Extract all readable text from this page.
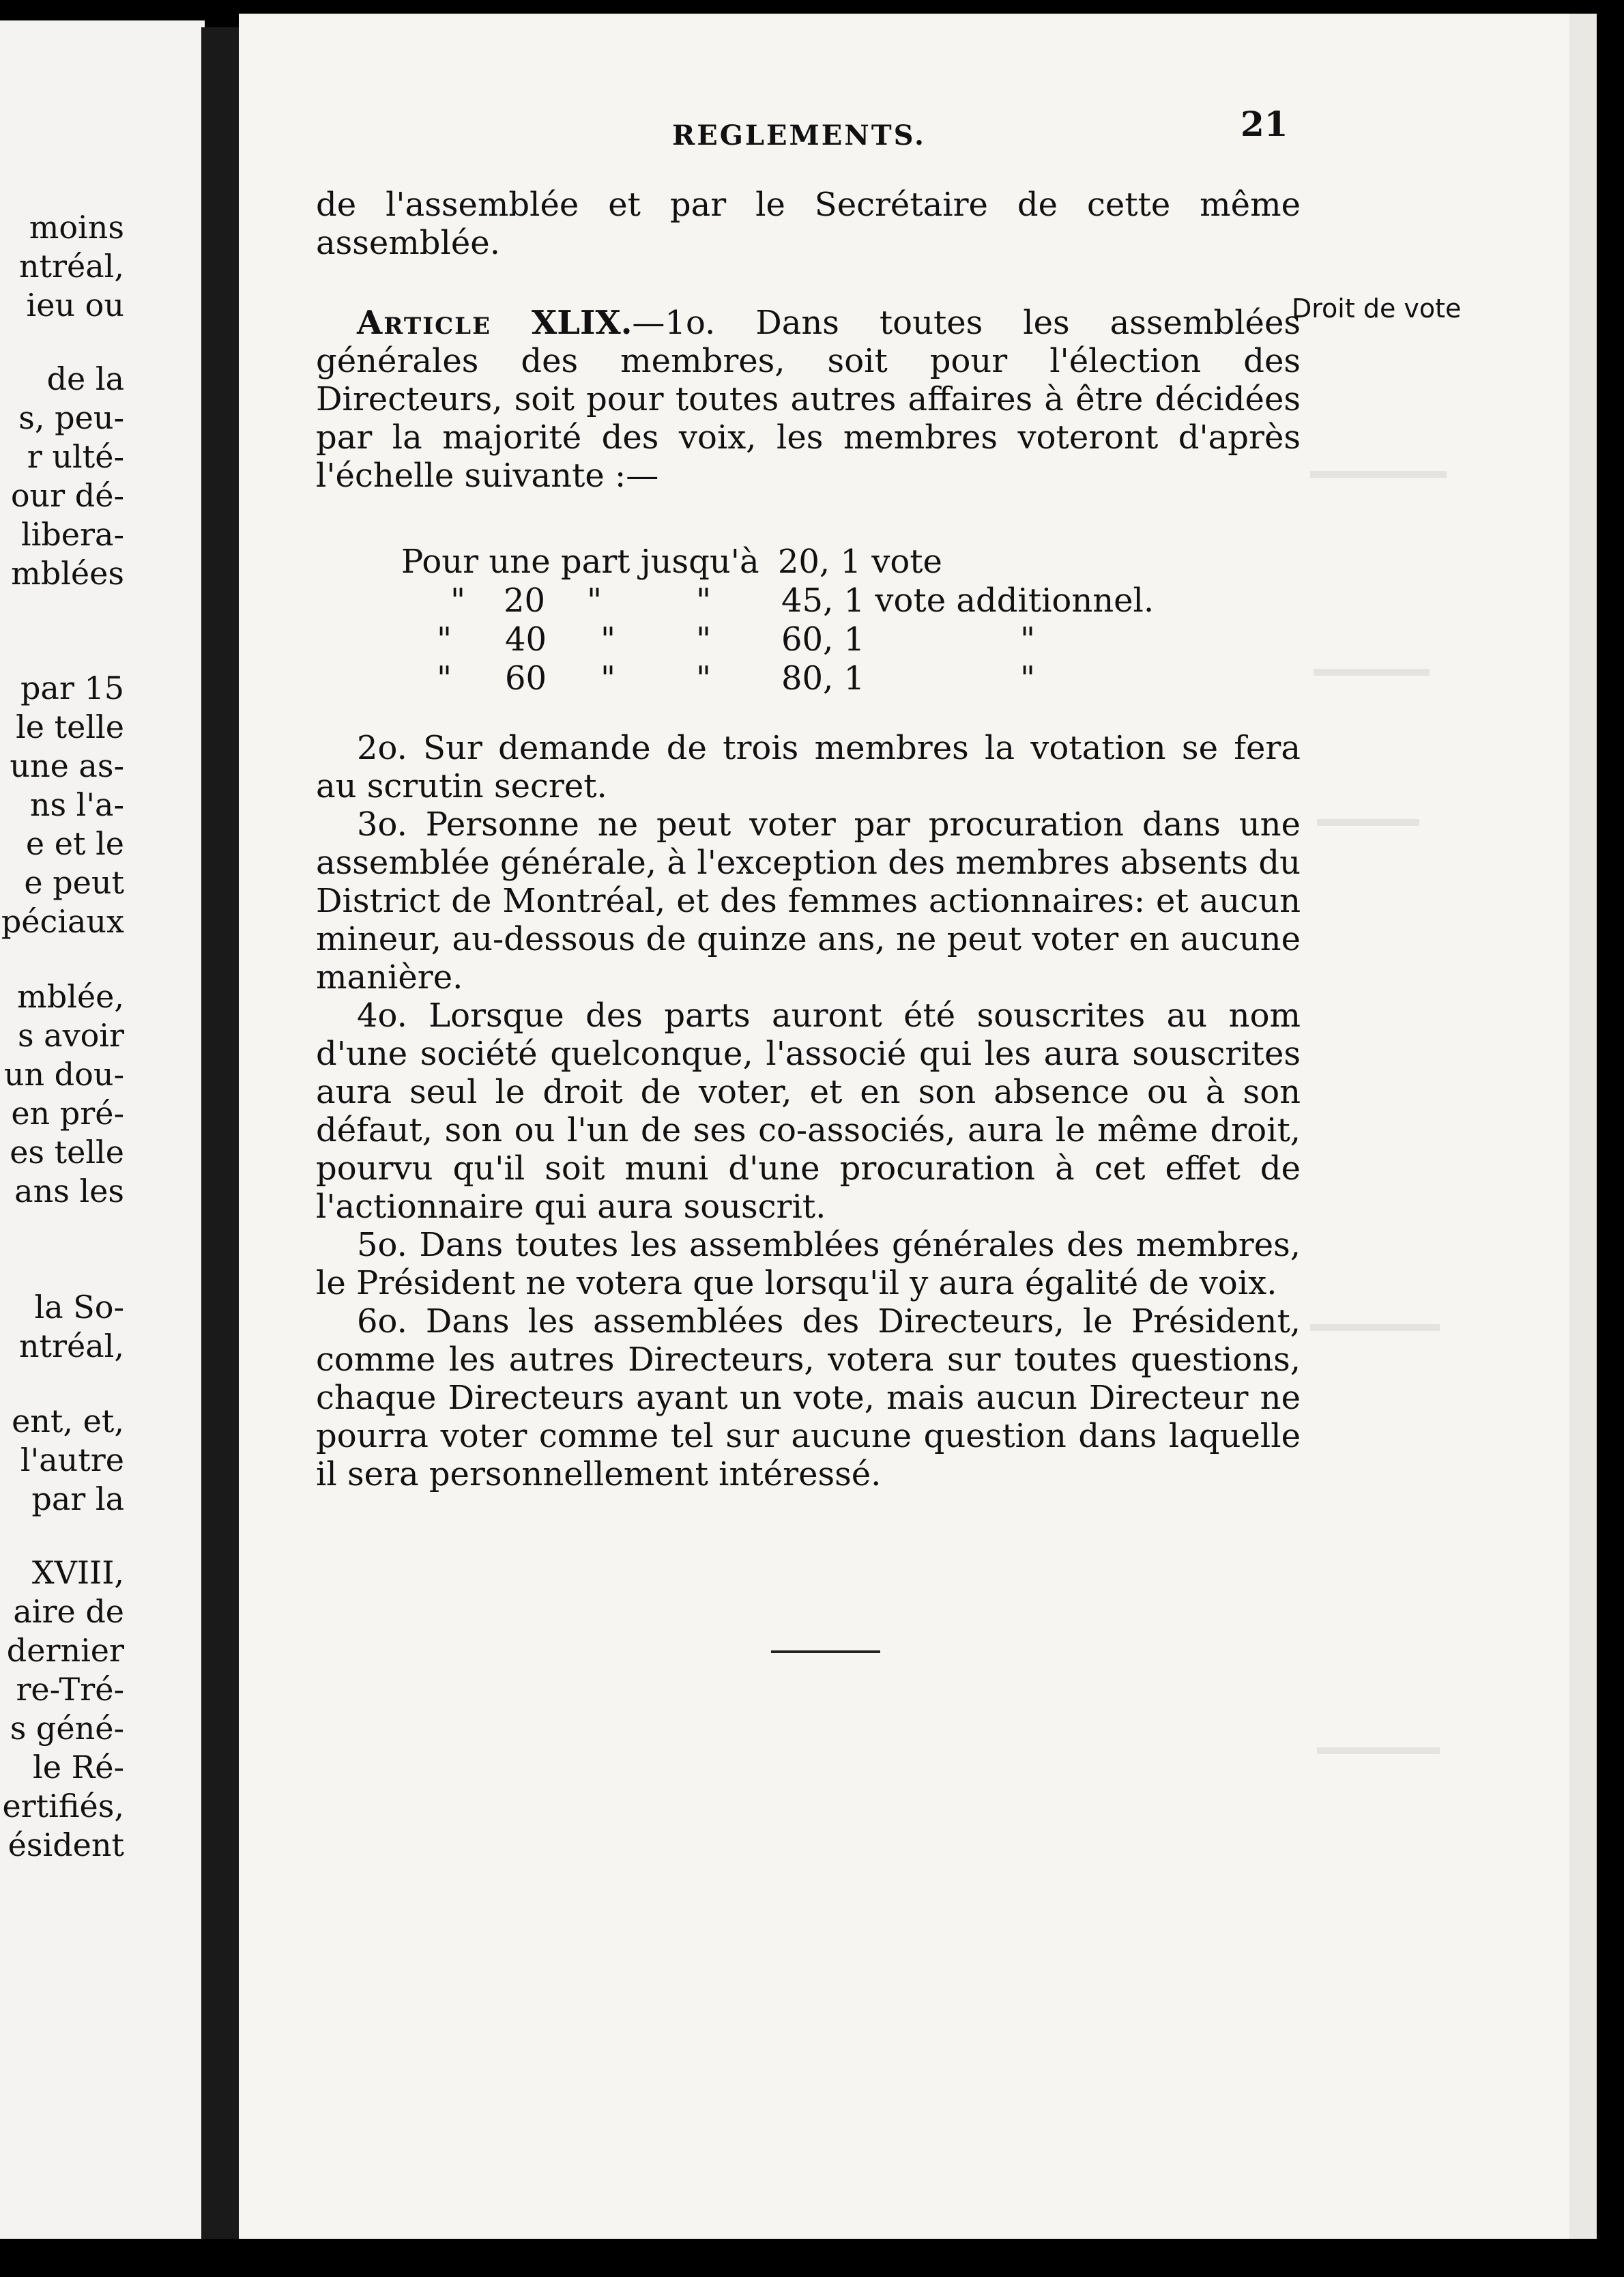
moins
ntréal,
ieu ou
de la
s, peu-
r ulté-
our dé-
libera-
mblées
par 15
le telle
une as-
ns l'a-
e et le
e peut
péciaux
mblée,
s avoir
un dou-
en pré-
es telle
ans les
la So-
ntréal,
ent, et,
l'autre
par la
XVIII,
aire de
dernier
re-Tré-
s géné-
le Ré-
ertifiés,
ésident
REGLEMENTS.	21

de l'assemblée et par le Secrétaire de cette même assemblée.

Droit de vote

Article XLIX.—1o. Dans toutes les assemblées générales des membres, soit pour l'élection des Directeurs, soit pour toutes autres affaires à être décidées par la majorité des voix, les membres voteront d'après l'échelle suivante :—

Pour une part jusqu'à 20, 1 vote
" 20 "	" 45, 1 vote additionnel.
" 40 " " 60, 1	"
" 60 " " 80, 1	"

2o. Sur demande de trois membres la votation se fera au scrutin secret.

3o. Personne ne peut voter par procuration dans une assemblée générale, à l'exception des membres absents du District de Montréal, et des femmes actionnaires: et aucun mineur, au-dessous de quinze ans, ne peut voter en aucune manière.

4o. Lorsque des parts auront été souscrites au nom d'une société quelconque, l'associé qui les aura souscrites aura seul le droit de voter, et en son absence ou à son défaut, son ou l'un de ses co-associés, aura le même droit, pourvu qu'il soit muni d'une procuration à cet effet de l'actionnaire qui aura souscrit.

5o. Dans toutes les assemblées générales des membres, le Président ne votera que lorsqu'il y aura égalité de voix.

6o. Dans les assemblées des Directeurs, le Président, comme les autres Directeurs, votera sur toutes questions, chaque Directeurs ayant un vote, mais aucun Directeur ne pourra voter comme tel sur aucune question dans laquelle il sera personnellement intéressé.
